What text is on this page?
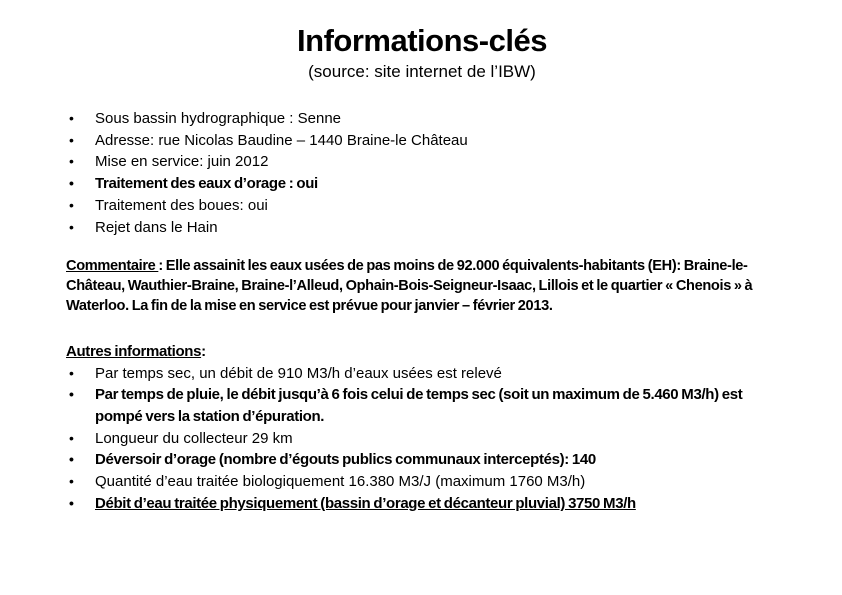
Informations-clés
(source: site internet de l’IBW)
• Sous bassin hydrographique : Senne
• Adresse: rue Nicolas Baudine – 1440 Braine-le Château
• Mise en service: juin 2012
• Traitement des eaux d’orage : oui
• Traitement des boues: oui
• Rejet dans le Hain

Commentaire : Elle assainit les eaux usées de pas moins de 92.000 équivalents-habitants (EH): Braine-le-Château, Wauthier-Braine, Braine-l’Alleud, Ophain-Bois-Seigneur-Isaac, Lillois et le quartier « Chenois » à Waterloo. La fin de la mise en service est prévue pour janvier – février 2013.

Autres informations:

• Par temps sec, un débit de 910 M3/h d’eaux usées est relevé
• Par temps de pluie, le débit jusqu’à 6 fois celui de temps sec (soit un maximum de 5.460 M3/h) est pompé vers la station d’épuration.
• Longueur du collecteur 29 km
• Déversoir d’orage (nombre d’égouts publics communaux interceptés): 140
• Quantité d’eau traitée biologiquement 16.380 M3/J (maximum 1760 M3/h)
• Débit d’eau traitée physiquement (bassin d’orage et décanteur pluvial) 3750 M3/h
